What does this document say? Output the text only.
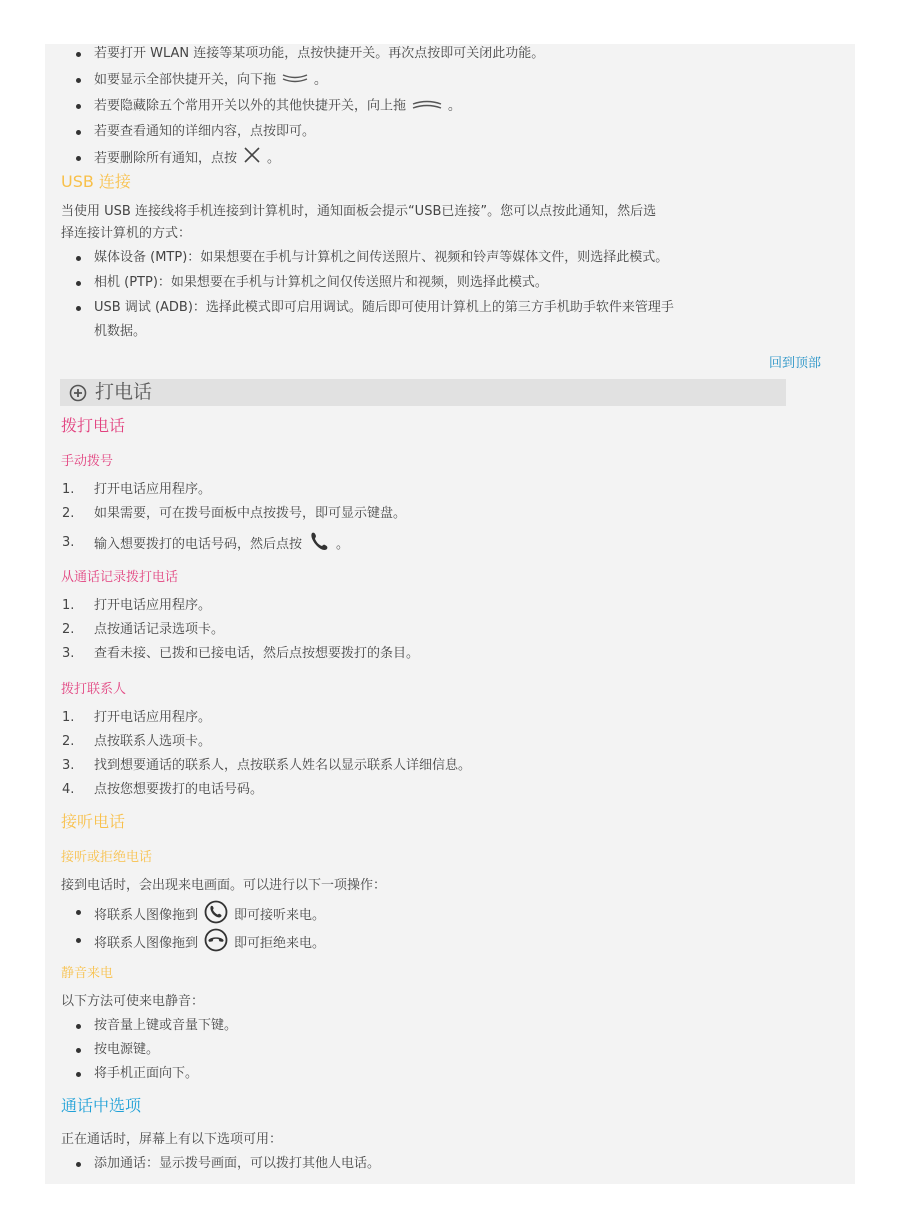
若要打开 WLAN 连接等某项功能，点按快捷开关。再次点按即可关闭此功能。
如要显示全部快捷开关，向下拖	。
若要隐藏除五个常用开关以外的其他快捷开关，向上拖	。
若要查看通知的详细内容，点按即可。
若要删除所有通知，点按 。
USB 连接
当使用 USB 连接线将手机连接到计算机时，通知面板会提示“USB已连接”。您可以点按此通知，然后选
择连接计算机的方式：
媒体设备 (MTP)：如果想要在手机与计算机之间传送照片、视频和铃声等媒体文件，则选择此模式。
相机 (PTP)：如果想要在手机与计算机之间仅传送照片和视频，则选择此模式。
USB 调试 (ADB)：选择此模式即可启用调试。随后即可使用计算机上的第三方手机助手软件来管理手
机数据。
回到顶部
打电话
拨打电话
手动拨号
1. 打开电话应用程序。
2. 如果需要，可在拨号面板中点按拨号，即可显示键盘。
3. 输入想要拨打的电话号码，然后点按	。
从通话记录拨打电话
1. 打开电话应用程序。
2. 点按通话记录选项卡。
3. 查看未接、已拨和已接电话，然后点按想要拨打的条目。
拨打联系人
1. 打开电话应用程序。
2. 点按联系人选项卡。
3. 找到想要通话的联系人，点按联系人姓名以显示联系人详细信息。
4. 点按您想要拨打的电话号码。
接听电话
接听或拒绝电话
接到电话时，会出现来电画面。可以进行以下一项操作：
将联系人图像拖到	即可接听来电。
将联系人图像拖到	即可拒绝来电。
静音来电
以下方法可使来电静音：
按音量上键或音量下键。
按电源键。
将手机正面向下。
通话中选项
正在通话时，屏幕上有以下选项可用：
添加通话：显示拨号画面，可以拨打其他人电话。
